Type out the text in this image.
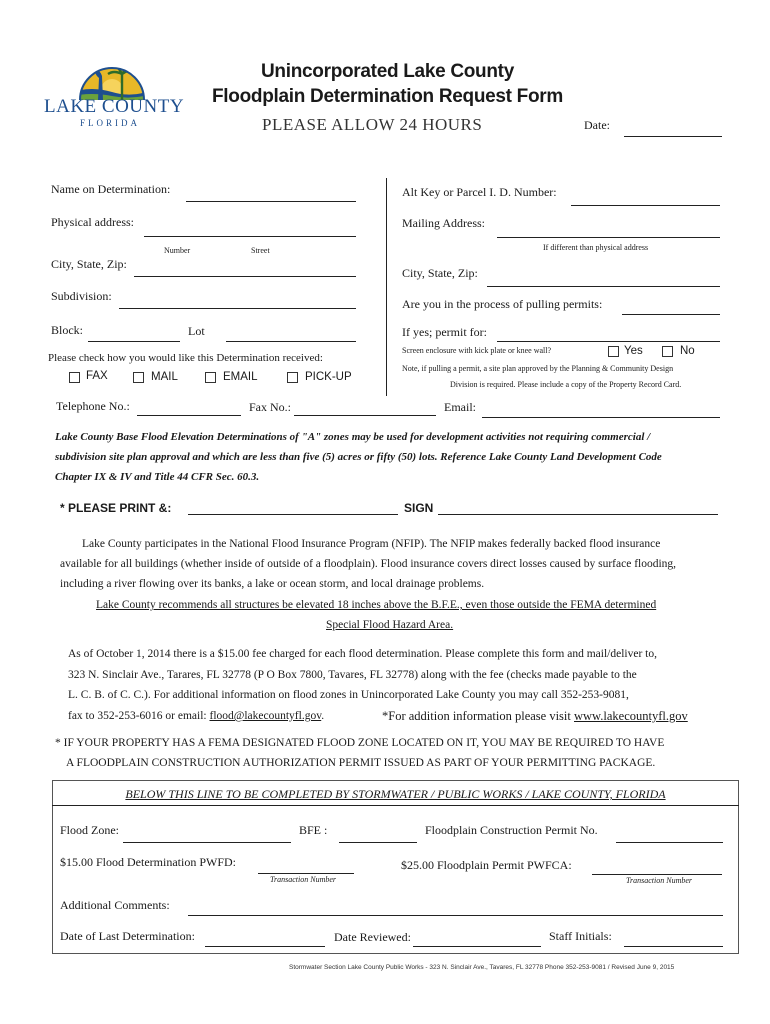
LAKE COUNTY
FLORIDA
Unincorporated Lake County
Floodplain Determination Request Form
PLEASE ALLOW 24 HOURS	Date:
Name on Determination:
Physical address:
Number	Street
City, State, Zip:
Subdivision:
Block:	Lot
Please check how you would like this Determination received:
FAX	MAIL	EMAIL	PICK-UP
Telephone No.:	Fax No.:
Alt Key or Parcel I. D. Number:
Mailing Address:
If different than physical address
City, State, Zip:
Are you in the process of pulling permits:
If yes; permit for:
Screen enclosure with kick plate or knee wall?	Yes	No
Note, if pulling a permit, a site plan approved by the Planning & Community Design
Division is required. Please include a copy of the Property Record Card.
Email:
Lake County Base Flood Elevation Determinations of "A" zones may be used for development activities not requiring commercial /
subdivision site plan approval and which are less than five (5) acres or fifty (50) lots. Reference Lake County Land Development Code
Chapter IX & IV and Title 44 CFR Sec. 60.3.
* PLEASE PRINT &:	SIGN
Lake County participates in the National Flood Insurance Program (NFIP). The NFIP makes federally backed flood insurance
available for all buildings (whether inside of outside of a floodplain). Flood insurance covers direct losses caused by surface flooding,
including a river flowing over its banks, a lake or ocean storm, and local drainage problems.
Lake County recommends all structures be elevated 18 inches above the B.F.E., even those outside the FEMA determined
Special Flood Hazard Area.
As of October 1, 2014 there is a $15.00 fee charged for each flood determination. Please complete this form and mail/deliver to,
323 N. Sinclair Ave., Tarares, FL 32778 (P O Box 7800, Tavares, FL 32778) along with the fee (checks made payable to the
L. C. B. of C. C.). For additional information on flood zones in Unincorporated Lake County you may call 352-253-9081,
fax to 352-253-6016 or email: flood@lakecountyfl.gov.	*For addition information please visit www.lakecountyfl.gov
* IF YOUR PROPERTY HAS A FEMA DESIGNATED FLOOD ZONE LOCATED ON IT, YOU MAY BE REQUIRED TO HAVE
A FLOODPLAIN CONSTRUCTION AUTHORIZATION PERMIT ISSUED AS PART OF YOUR PERMITTING PACKAGE.
BELOW THIS LINE TO BE COMPLETED BY STORMWATER / PUBLIC WORKS / LAKE COUNTY, FLORIDA
Flood Zone:	BFE :	Floodplain Construction Permit No.
$15.00 Flood Determination PWFD:
Transaction Number
$25.00 Floodplain Permit PWFCA:
Transaction Number
Additional Comments:
Date of Last Determination:	Date Reviewed:	Staff Initials:
Stormwater Section Lake County Public Works - 323 N. Sinclair Ave., Tavares, FL 32778 Phone 352-253-9081 / Revised June 9, 2015
